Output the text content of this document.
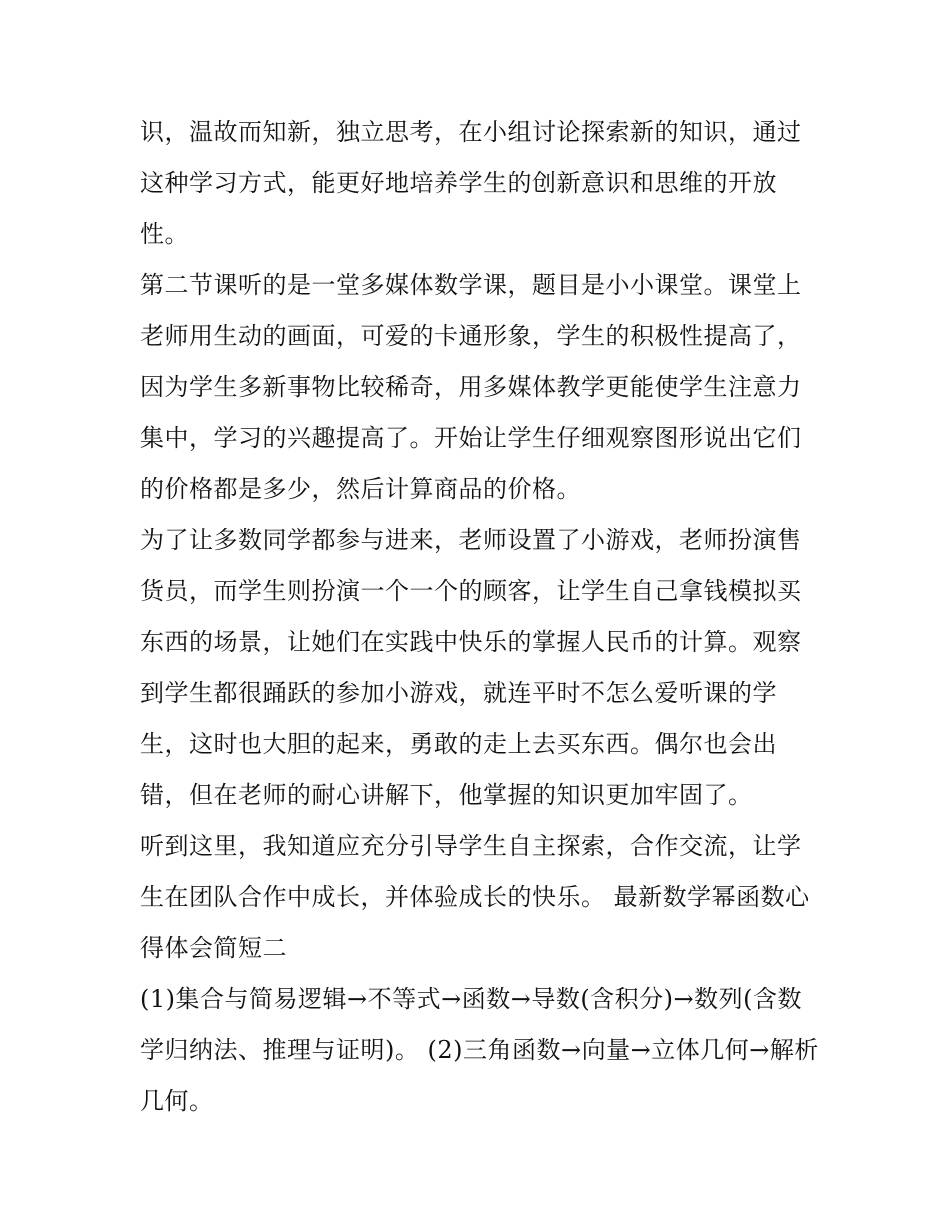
识，温故而知新，独立思考，在小组讨论探索新的知识，通过这种学习方式，能更好地培养学生的创新意识和思维的开放性。

第二节课听的是一堂多媒体数学课，题目是小小课堂。课堂上老师用生动的画面，可爱的卡通形象，学生的积极性提高了，因为学生多新事物比较稀奇，用多媒体教学更能使学生注意力集中，学习的兴趣提高了。开始让学生仔细观察图形说出它们的价格都是多少，然后计算商品的价格。

为了让多数同学都参与进来，老师设置了小游戏，老师扮演售货员，而学生则扮演一个一个的顾客，让学生自己拿钱模拟买东西的场景，让她们在实践中快乐的掌握人民币的计算。观察到学生都很踊跃的参加小游戏，就连平时不怎么爱听课的学生，这时也大胆的起来，勇敢的走上去买东西。偶尔也会出错，但在老师的耐心讲解下，他掌握的知识更加牢固了。

听到这里，我知道应充分引导学生自主探索，合作交流，让学生在团队合作中成长，并体验成长的快乐。 最新数学幂函数心得体会简短二

(1)集合与简易逻辑→不等式→函数→导数(含积分)→数列(含数学归纳法、推理与证明)。 (2)三角函数→向量→立体几何→解析几何。
